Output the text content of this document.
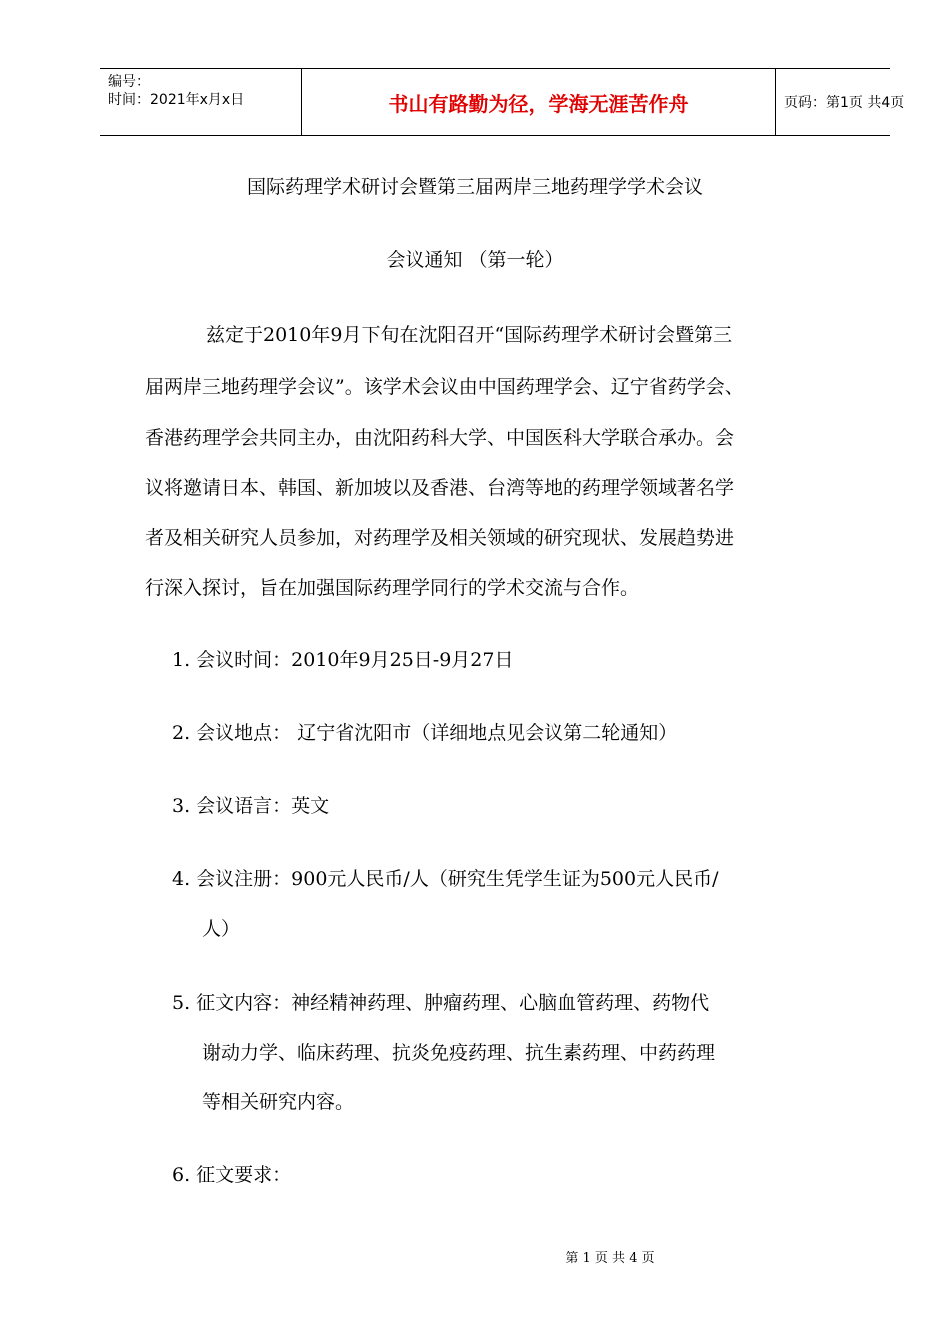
编号：
时间：2021年x月x日	书山有路勤为径，学海无涯苦作舟	页码：第1页 共4页
国际药理学术研讨会暨第三届两岸三地药理学学术会议
会议通知 （第一轮）
兹定于2010年9月下旬在沈阳召开“国际药理学术研讨会暨第三
届两岸三地药理学会议”。该学术会议由中国药理学会、辽宁省药学会、
香港药理学会共同主办，由沈阳药科大学、中国医科大学联合承办。会
议将邀请日本、韩国、新加坡以及香港、台湾等地的药理学领域著名学
者及相关研究人员参加，对药理学及相关领域的研究现状、发展趋势进
行深入探讨，旨在加强国际药理学同行的学术交流与合作。
1. 会议时间：2010年9月25日-9月27日
2. 会议地点： 辽宁省沈阳市（详细地点见会议第二轮通知）
3. 会议语言：英文
4. 会议注册：900元人民币/人（研究生凭学生证为500元人民币/
人）
5. 征文内容：神经精神药理、肿瘤药理、心脑血管药理、药物代
谢动力学、临床药理、抗炎免疫药理、抗生素药理、中药药理
等相关研究内容。
6. 征文要求：
第 1 页 共 4 页
